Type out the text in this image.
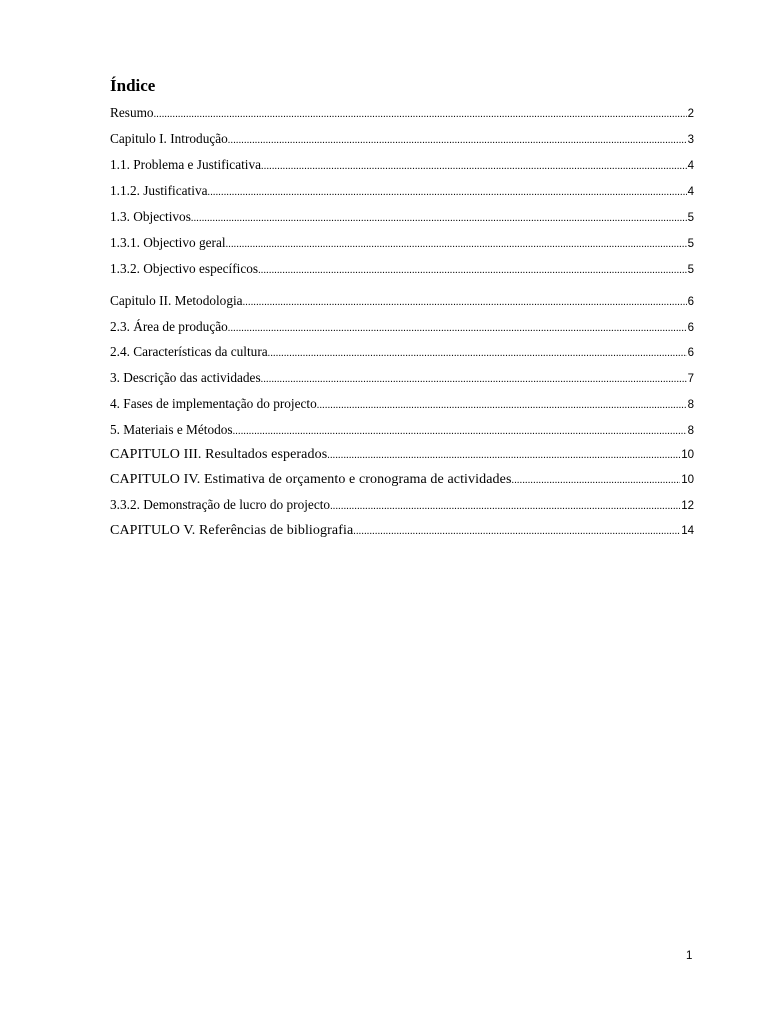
Índice
Resumo .....	2
Capitulo I. Introdução .....	3
1.1. Problema e Justificativa .....	4
1.1.2. Justificativa .....	4
1.3. Objectivos .....	5
1.3.1. Objectivo geral .....	5
1.3.2. Objectivo específicos .....	5
Capitulo II. Metodologia .....	6
2.3. Área de produção .....	6
2.4. Características da cultura .....	6
3. Descrição das actividades .....	7
4. Fases de implementação do projecto .....	8
5. Materiais e Métodos .....	8
CAPITULO III. Resultados esperados .....	10
CAPITULO IV. Estimativa de orçamento e cronograma de actividades .....	10
3.3.2. Demonstração de lucro do projecto .....	12
CAPITULO V. Referências de bibliografia .....	14
1
